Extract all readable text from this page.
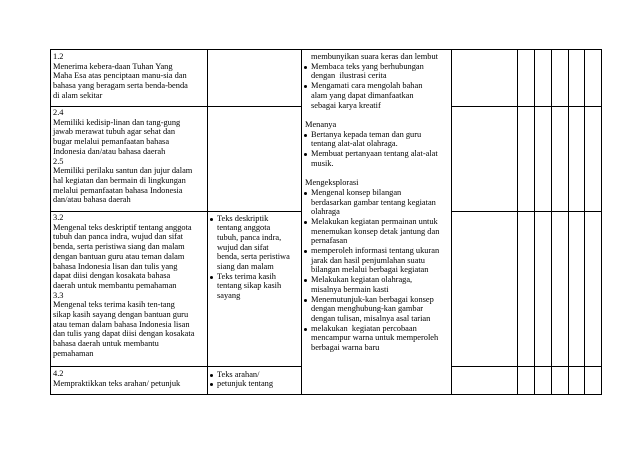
1.2
Menerima kebera-daan Tuhan Yang
Maha Esa atas penciptaan manu-sia dan
bahasa yang beragam serta benda-benda
di alam sekitar
2.4
Memiliki kedisip-linan dan tang-gung
jawab merawat tubuh agar sehat dan
bugar melalui pemanfaatan bahasa
Indonesia dan/atau bahasa daerah
2.5
Memiliki perilaku santun dan jujur dalam
hal kegiatan dan bermain di lingkungan
melalui pemanfaatan bahasa Indonesia
dan/atau bahasa daerah
3.2
Mengenal teks deskriptif tentang anggota
tubuh dan panca indra, wujud dan sifat
benda, serta peristiwa siang dan malam
dengan bantuan guru atau teman dalam
bahasa Indonesia lisan dan tulis yang
dapat diisi dengan kosakata bahasa
daerah untuk membantu pemahaman
3.3
Mengenal teks terima kasih ten-tang
sikap kasih sayang dengan bantuan guru
atau teman dalam bahasa Indonesia lisan
dan tulis yang dapat diisi dengan kosakata
bahasa daerah untuk membantu
pemahaman
Teks deskriptik
tentang anggota
tubuh, panca indra,
wujud dan sifat
benda, serta peristiwa
siang dan malam
Teks terima kasih
tentang sikap kasih
sayang
4.2
Mempraktikkan teks arahan/ petunjuk
Teks arahan/
petunjuk tentang
membunyikan suara keras dan lembut
Membaca teks yang berhubungan
dengan  ilustrasi cerita
Mengamati cara mengolah bahan
alam yang dapat dimanfaatkan
sebagai karya kreatif
Menanya
Bertanya kepada teman dan guru
tentang alat-alat olahraga.
Membuat pertanyaan tentang alat-alat
musik.
Mengeksplorasi
Mengenal konsep bilangan
berdasarkan gambar tentang kegiatan
olahraga
Melakukan kegiatan permainan untuk
menemukan konsep detak jantung dan
pernafasan
memperoleh informasi tentang ukuran
jarak dan hasil penjumlahan suatu
bilangan melalui berbagai kegiatan
Melakukan kegiatan olahraga,
misalnya bermain kasti
Menemutunjuk-kan berbagai konsep
dengan menghubung-kan gambar
dengan tulisan, misalnya asal tarian
melakukan  kegiatan percobaan
mencampur warna untuk memperoleh
berbagai warna baru
